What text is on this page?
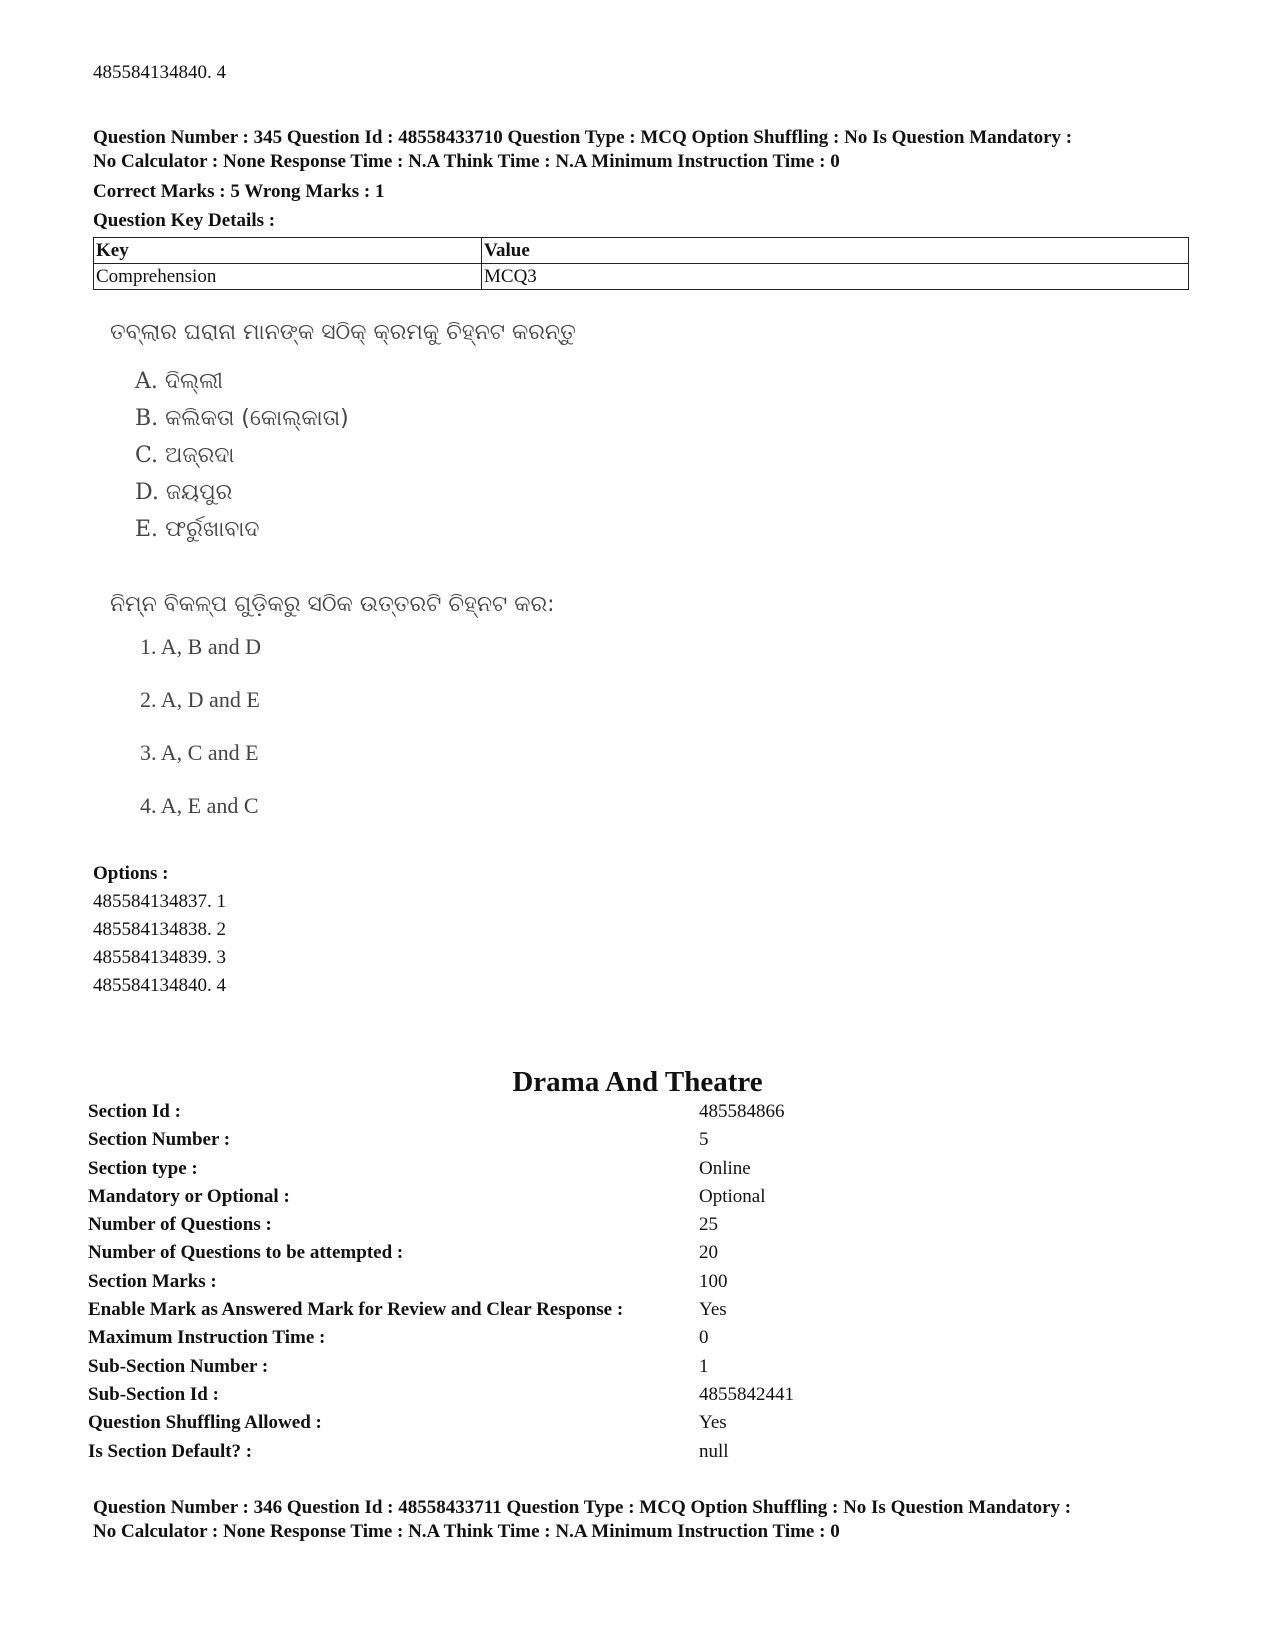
485584134840. 4
Question Number : 345 Question Id : 48558433710 Question Type : MCQ Option Shuffling : No Is Question Mandatory :
No Calculator : None Response Time : N.A Think Time : N.A Minimum Instruction Time : 0
Correct Marks : 5 Wrong Marks : 1
Question Key Details :
Key	Value
Comprehension	MCQ3
ତବ୍‌ଲାର ଘରାନା ମାନଙ୍କ ସଠିକ୍ କ୍ରମକୁ ଚିହ୍ନଟ କରନ୍ତୁ
A. ଦିଲ୍ଲୀ
B. କଲିକତା (କୋଲ୍‌କାତା)
C. ଅଜ୍ରଦା
D. ଜୟପୁର
E. ଫର୍ରୁଖାବାଦ
ନିମ୍ନ ବିକଳ୍ପ ଗୁଡ଼ିକରୁ ସଠିକ ଉତ୍ତରଟି ଚିହ୍ନଟ କର:
1. A, B and D
2. A, D and E
3. A, C and E
4. A, E and C
Options :
485584134837. 1
485584134838. 2
485584134839. 3
485584134840. 4
Drama And Theatre
Section Id :	485584866
Section Number :	5
Section type :	Online
Mandatory or Optional :	Optional
Number of Questions :	25
Number of Questions to be attempted :	20
Section Marks :	100
Enable Mark as Answered Mark for Review and Clear Response :	Yes
Maximum Instruction Time :	0
Sub-Section Number :	1
Sub-Section Id :	4855842441
Question Shuffling Allowed :	Yes
Is Section Default? :	null
Question Number : 346 Question Id : 48558433711 Question Type : MCQ Option Shuffling : No Is Question Mandatory :
No Calculator : None Response Time : N.A Think Time : N.A Minimum Instruction Time : 0
